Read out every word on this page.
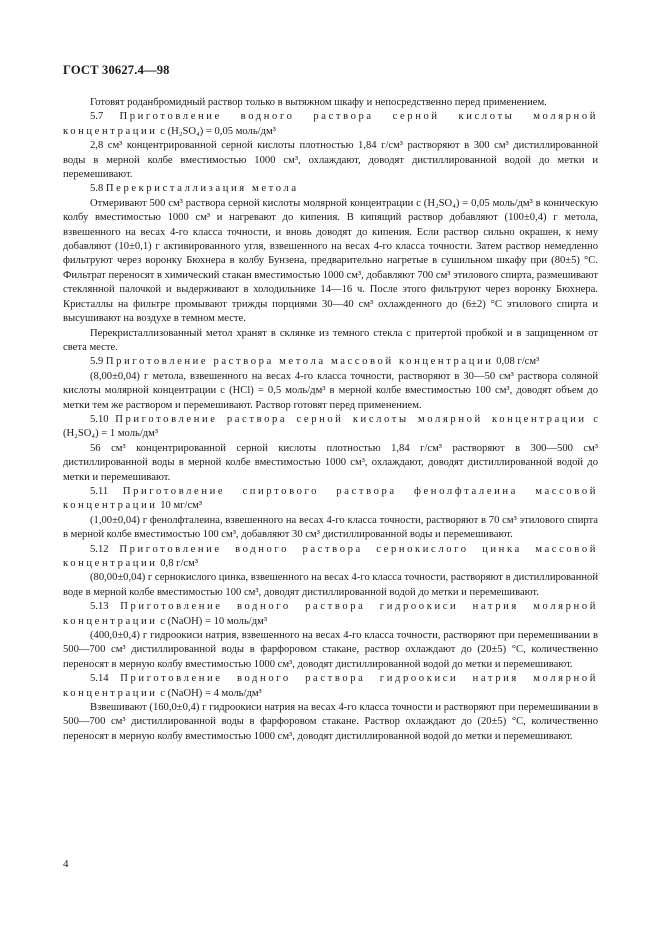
ГОСТ 30627.4—98

Готовят роданбромидный раствор только в вытяжном шкафу и непосредственно перед применением.

5.7 Приготовление водного раствора серной кислоты молярной концентрации c (H₂SO₄) = 0,05 моль/дм³

2,8 см³ концентрированной серной кислоты плотностью 1,84 г/см³ растворяют в 300 см³ дистиллированной воды в мерной колбе вместимостью 1000 см³, охлаждают, доводят дистиллированной водой до метки и перемешивают.

5.8 Перекристаллизация метола

Отмеривают 500 см³ раствора серной кислоты молярной концентрации c (H₂SO₄) = 0,05 моль/дм³ в коническую колбу вместимостью 1000 см³ и нагревают до кипения. В кипящий раствор добавляют (100±0,4) г метола, взвешенного на весах 4-го класса точности, и вновь доводят до кипения. Если раствор сильно окрашен, к нему добавляют (10±0,1) г активированного угля, взвешенного на весах 4-го класса точности. Затем раствор немедленно фильтруют через воронку Бюхнера в колбу Бунзена, предварительно нагретые в сушильном шкафу при (80±5) °С. Фильтрат переносят в химический стакан вместимостью 1000 см³, добавляют 700 см³ этилового спирта, размешивают стеклянной палочкой и выдерживают в холодильнике 14—16 ч. После этого фильтруют через воронку Бюхнера. Кристаллы на фильтре промывают трижды порциями 30—40 см³ охлажденного до (6±2) °С этилового спирта и высушивают на воздухе в темном месте.

Перекристаллизованный метол хранят в склянке из темного стекла с притертой пробкой и в защищенном от света месте.

5.9 Приготовление раствора метола массовой концентрации 0,08 г/см³

(8,00±0,04) г метола, взвешенного на весах 4-го класса точности, растворяют в 30—50 см³ раствора соляной кислоты молярной концентрации c (HCl) = 0,5 моль/дм³ в мерной колбе вместимостью 100 см³, доводят объем до метки тем же раствором и перемешивают. Раствор готовят перед применением.

5.10 Приготовление раствора серной кислоты молярной концентрации c (H₂SO₄) = 1 моль/дм³

56 см³ концентрированной серной кислоты плотностью 1,84 г/см³ растворяют в 300—500 см³ дистиллированной воды в мерной колбе вместимостью 1000 см³, охлаждают, доводят дистиллированной водой до метки и перемешивают.

5.11 Приготовление спиртового раствора фенолфталеина массовой концентрации 10 мг/см³

(1,00±0,04) г фенолфталеина, взвешенного на весах 4-го класса точности, растворяют в 70 см³ этилового спирта в мерной колбе вместимостью 100 см³, добавляют 30 см³ дистиллированной воды и перемешивают.

5.12 Приготовление водного раствора сернокислого цинка массовой концентрации 0,8 г/см³

(80,00±0,04) г сернокислого цинка, взвешенного на весах 4-го класса точности, растворяют в дистиллированной воде в мерной колбе вместимостью 100 см³, доводят дистиллированной водой до метки и перемешивают.

5.13 Приготовление водного раствора гидроокиси натрия молярной концентрации c (NaOH) = 10 моль/дм³

(400,0±0,4) г гидроокиси натрия, взвешенного на весах 4-го класса точности, растворяют при перемешивании в 500—700 см³ дистиллированной воды в фарфоровом стакане, раствор охлаждают до (20±5) °С, количественно переносят в мерную колбу вместимостью 1000 см³, доводят дистиллированной водой до метки и перемешивают.

5.14 Приготовление водного раствора гидроокиси натрия молярной концентрации c (NaOH) = 4 моль/дм³

Взвешивают (160,0±0,4) г гидроокиси натрия на весах 4-го класса точности и растворяют при перемешивании в 500—700 см³ дистиллированной воды в фарфоровом стакане. Раствор охлаждают до (20±5) °С, количественно переносят в мерную колбу вместимостью 1000 см³, доводят дистиллированной водой до метки и перемешивают.

4
